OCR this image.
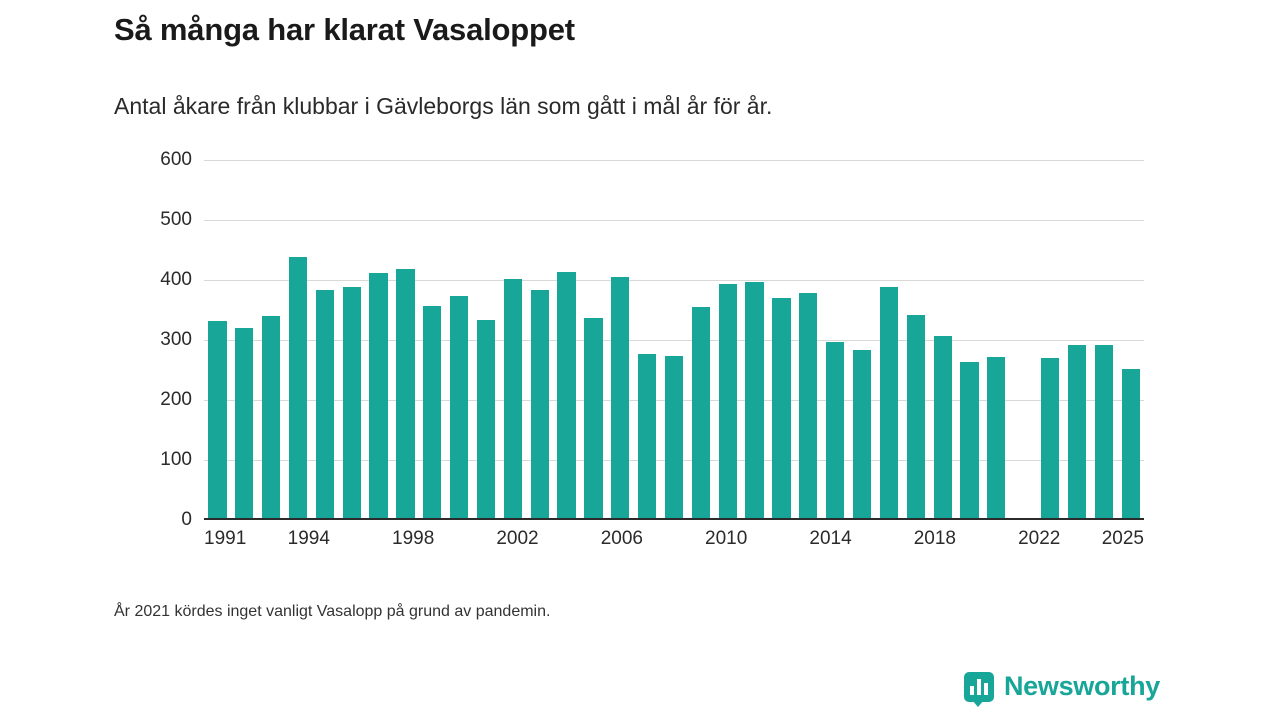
Så många har klarat Vasaloppet
Antal åkare från klubbar i Gävleborgs län som gått i mål år för år.
0
100
200
300
400
500
600
1991 1994	1998	2002	2006	2010	2014	2018	2022 2025
År 2021 kördes inget vanligt Vasalopp på grund av pandemin.
Newsworthy
